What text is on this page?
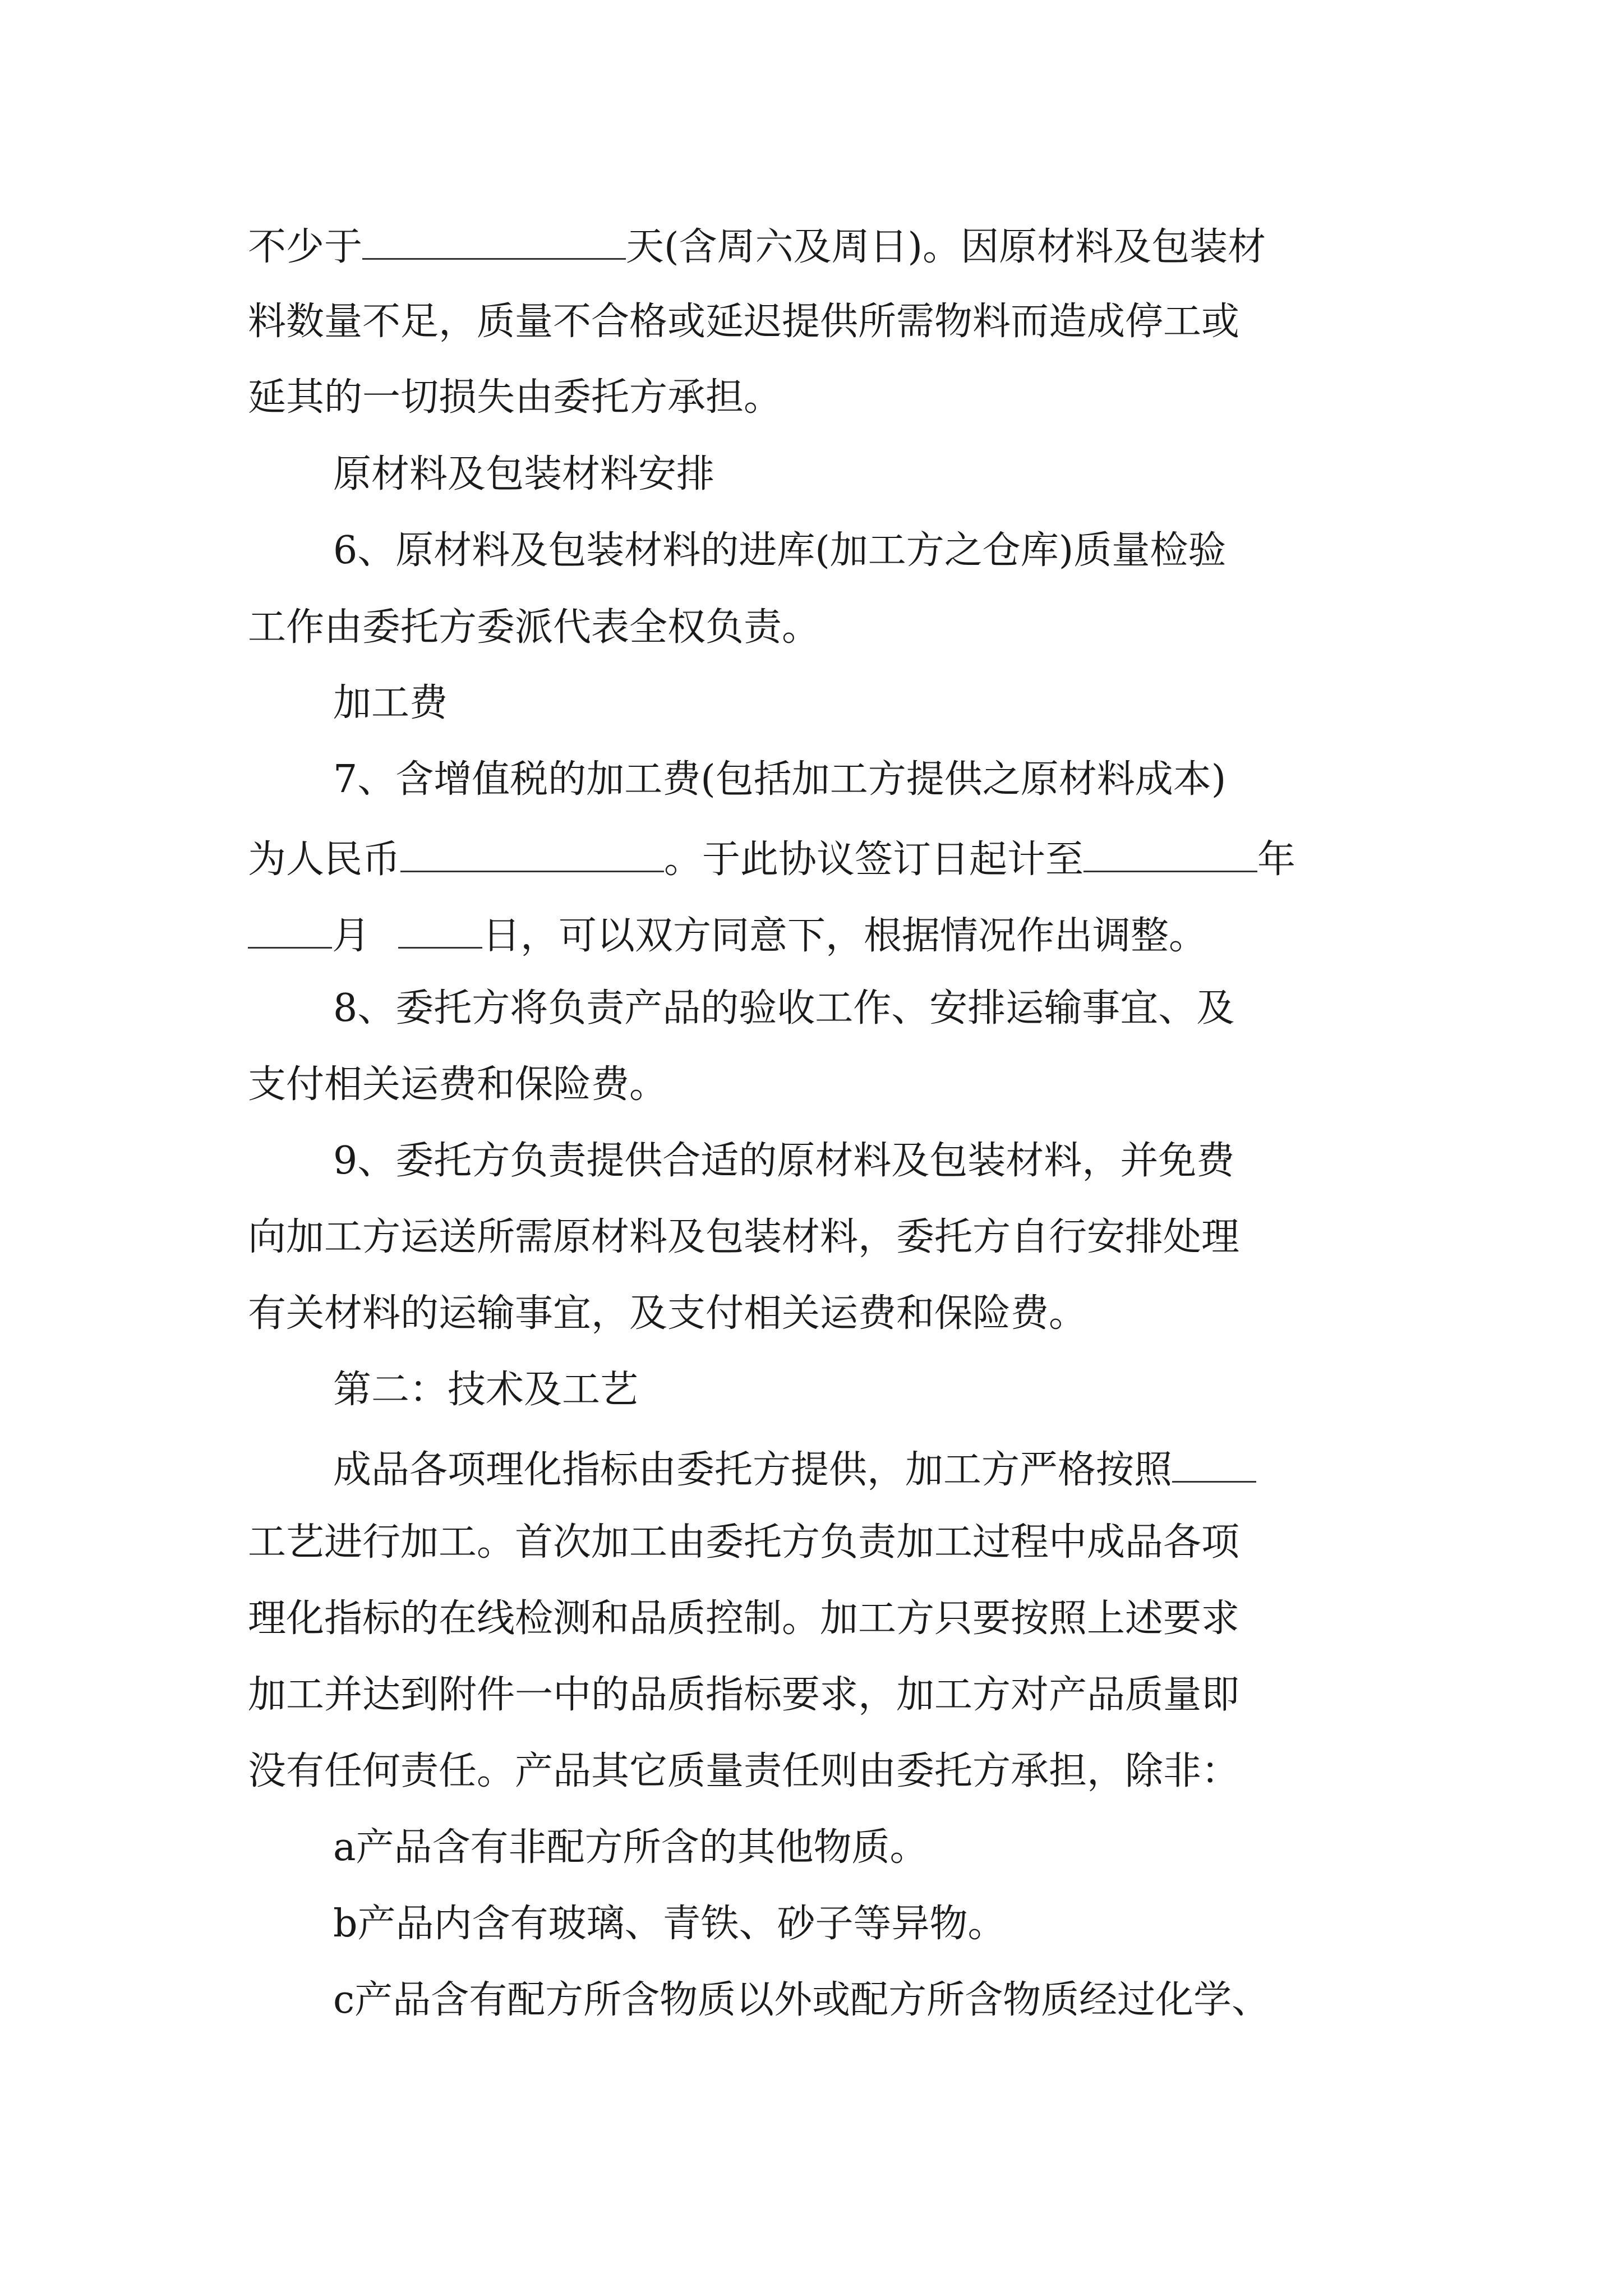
不少于	天(含周六及周日)。因原材料及包装材
料数量不足，质量不合格或延迟提供所需物料而造成停工或
延其的一切损失由委托方承担。
原材料及包装材料安排
6、原材料及包装材料的进库(加工方之仓库)质量检验
工作由委托方委派代表全权负责。
加工费
7、含增值税的加工费(包括加工方提供之原材料成本)
为人民币	。于此协议签订日起计至	年
月	日，可以双方同意下，根据情况作出调整。
8、委托方将负责产品的验收工作、安排运输事宜、及
支付相关运费和保险费。
9、委托方负责提供合适的原材料及包装材料，并免费
向加工方运送所需原材料及包装材料，委托方自行安排处理
有关材料的运输事宜，及支付相关运费和保险费。
第二：技术及工艺
成品各项理化指标由委托方提供，加工方严格按照
工艺进行加工。首次加工由委托方负责加工过程中成品各项
理化指标的在线检测和品质控制。加工方只要按照上述要求
加工并达到附件一中的品质指标要求，加工方对产品质量即
没有任何责任。产品其它质量责任则由委托方承担，除非：
a产品含有非配方所含的其他物质。
b产品内含有玻璃、青铁、砂子等异物。
c产品含有配方所含物质以外或配方所含物质经过化学、
